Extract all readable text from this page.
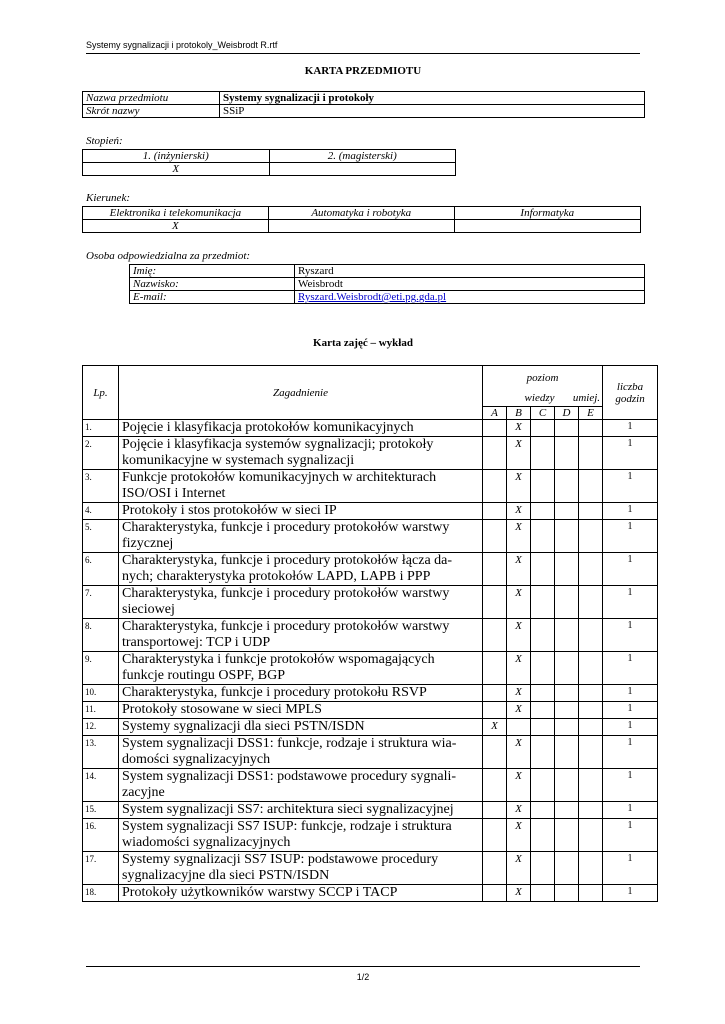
Systemy sygnalizacji i protokoly_Weisbrodt R.rtf
KARTA PRZEDMIOTU
Nazwa przedmiotu	Systemy sygnalizacji i protokoły
Skrót nazwy	SSiP
Stopień:
1. (inżynierski)	2. (magisterski)
X	
Kierunek:
Elektronika i telekomunikacja	Automatyka i robotyka	Informatyka
X		
Osoba odpowiedzialna za przedmiot:
Imię:	Ryszard
Nazwisko:	Weisbrodt
E-mail:	Ryszard.Weisbrodt@eti.pg.gda.pl
Karta zajęć – wykład
Lp.	Zagadnienie	poziom					liczba godzin
		wiedzy			umiej.		
		A	B	C	D	E	
1.	Pojęcie i klasyfikacja protokołów komunikacyjnych		X				1
2.	Pojęcie i klasyfikacja systemów sygnalizacji; protokoły komunikacyjne w systemach sygnalizacji		X				1
3.	Funkcje protokołów komunikacyjnych w architekturach ISO/OSI i Internet		X				1
4.	Protokoły i stos protokołów w sieci IP		X				1
5.	Charakterystyka, funkcje i procedury protokołów warstwy fizycznej		X				1
6.	Charakterystyka, funkcje i procedury protokołów łącza da-nych; charakterystyka protokołów LAPD, LAPB i PPP		X				1
7.	Charakterystyka, funkcje i procedury protokołów warstwy sieciowej		X				1
8.	Charakterystyka, funkcje i procedury protokołów warstwy transportowej: TCP i UDP		X				1
9.	Charakterystyka i funkcje protokołów wspomagających funkcje routingu OSPF, BGP		X				1
10.	Charakterystyka, funkcje i procedury protokołu RSVP		X				1
11.	Protokoły stosowane w sieci MPLS		X				1
12.	Systemy sygnalizacji dla sieci PSTN/ISDN	X					1
13.	System sygnalizacji DSS1: funkcje, rodzaje i struktura wia-domości sygnalizacyjnych		X				1
14.	System sygnalizacji DSS1: podstawowe procedury sygnali-zacyjne		X				1
15.	System sygnalizacji SS7: architektura sieci sygnalizacyjnej		X				1
16.	System sygnalizacji SS7 ISUP: funkcje, rodzaje i struktura wiadomości sygnalizacyjnych		X				1
17.	Systemy sygnalizacji SS7 ISUP: podstawowe procedury sygnalizacyjne dla sieci PSTN/ISDN		X				1
18.	Protokoły użytkowników warstwy SCCP i TACP		X				1
1/2
